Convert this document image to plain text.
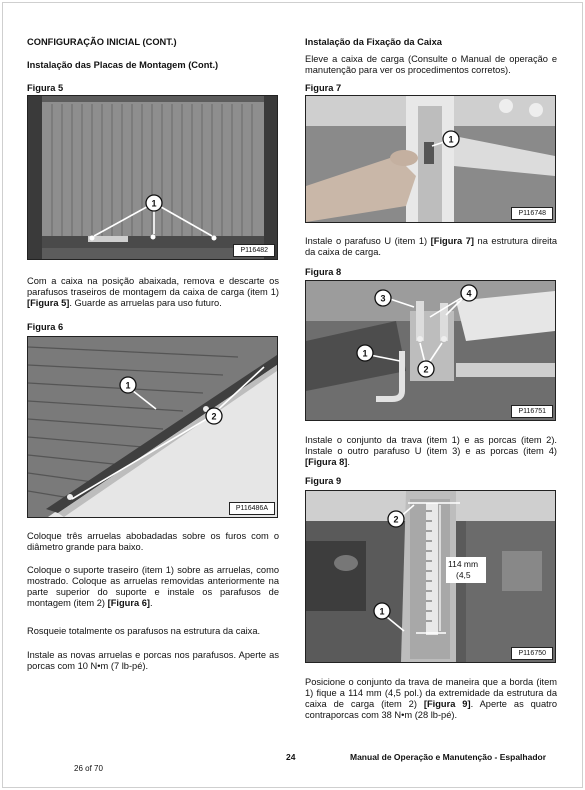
CONFIGURAÇÃO INICIAL (CONT.)

Instalação das Placas de Montagem (Cont.)

Figura 5

1
P116482

Com a caixa na posição abaixada, remova e descarte os parafusos traseiros de montagem da caixa de carga (item 1) [Figura 5]. Guarde as arruelas para uso futuro.

Figura 6

1
2
P116486A

Coloque três arruelas abobadadas sobre os furos com o diâmetro grande para baixo.

Coloque o suporte traseiro (item 1) sobre as arruelas, como mostrado. Coloque as arruelas removidas anteriormente na parte superior do suporte e instale os parafusos de montagem (item 2) [Figura 6].

Rosqueie totalmente os parafusos na estrutura da caixa.

Instale as novas arruelas e porcas nos parafusos. Aperte as porcas com 10 N•m (7 lb-pé).

Instalação da Fixação da Caixa

Eleve a caixa de carga (Consulte o Manual de operação e manutenção para ver os procedimentos corretos).

Figura 7

1
P116748

Instale o parafuso U (item 1) [Figura 7] na estrutura direita da caixa de carga.

Figura 8

3	4
1
2
P116751

Instale o conjunto da trava (item 1) e as porcas (item 2). Instale o outro parafuso U (item 3) e as porcas (item 4) [Figura 8].

Figura 9

114 mm
(4,5
2
1
P116750

Posicione o conjunto da trava de maneira que a borda (item 1) fique a 114 mm (4,5 pol.) da extremidade da estrutura da caixa de carga (item 2) [Figura 9]. Aperte as quatro contraporcas com 38 N•m (28 lb-pé).

24	Manual de Operação e Manutenção - Espalhador
26 of 70
